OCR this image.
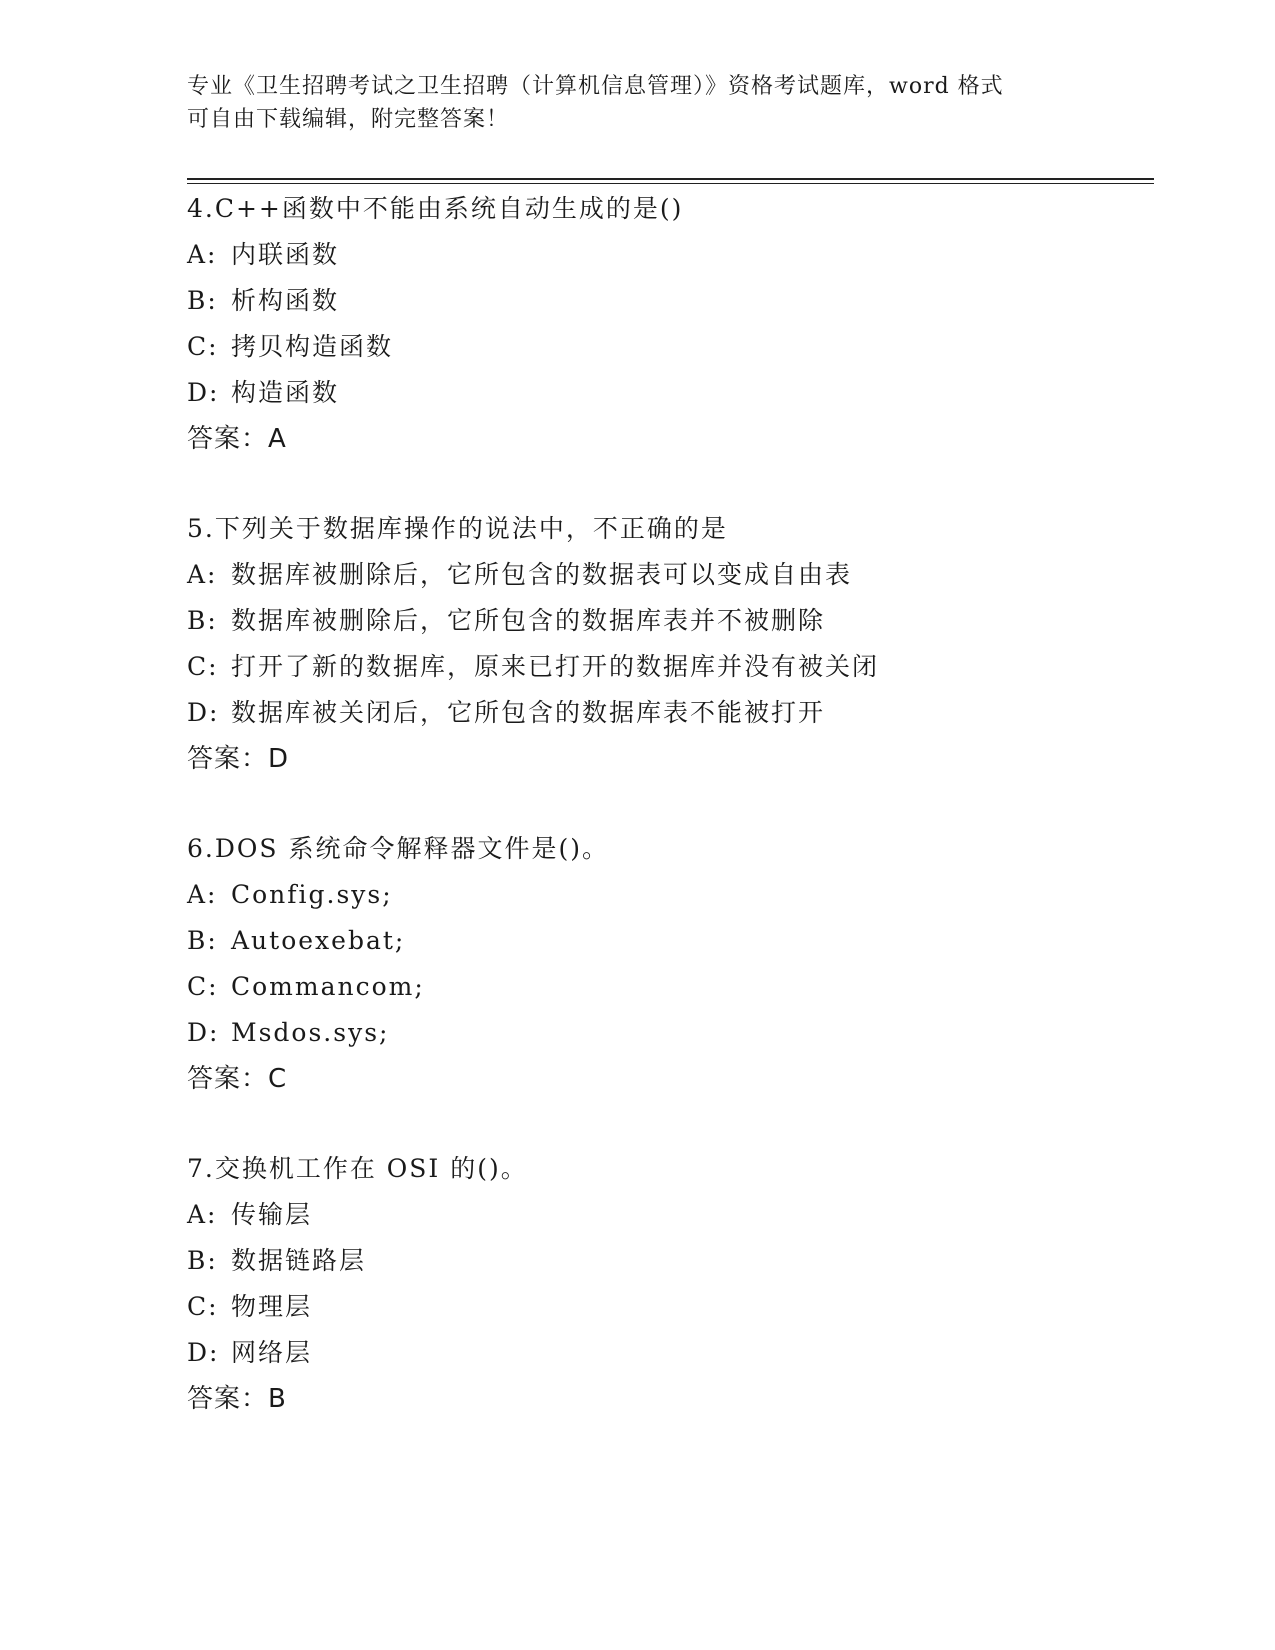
专业《卫生招聘考试之卫生招聘（计算机信息管理）》资格考试题库，word 格式
可自由下载编辑，附完整答案！
4.C++函数中不能由系统自动生成的是()
A: 内联函数
B: 析构函数
C: 拷贝构造函数
D: 构造函数
答案：A
5.下列关于数据库操作的说法中，不正确的是
A: 数据库被删除后，它所包含的数据表可以变成自由表
B: 数据库被删除后，它所包含的数据库表并不被删除
C: 打开了新的数据库，原来已打开的数据库并没有被关闭
D: 数据库被关闭后，它所包含的数据库表不能被打开
答案：D
6.DOS 系统命令解释器文件是()。
A: Config.sys;
B: Autoexebat;
C: Commancom;
D: Msdos.sys;
答案：C
7.交换机工作在 OSI 的()。
A: 传输层
B: 数据链路层
C: 物理层
D: 网络层
答案：B
